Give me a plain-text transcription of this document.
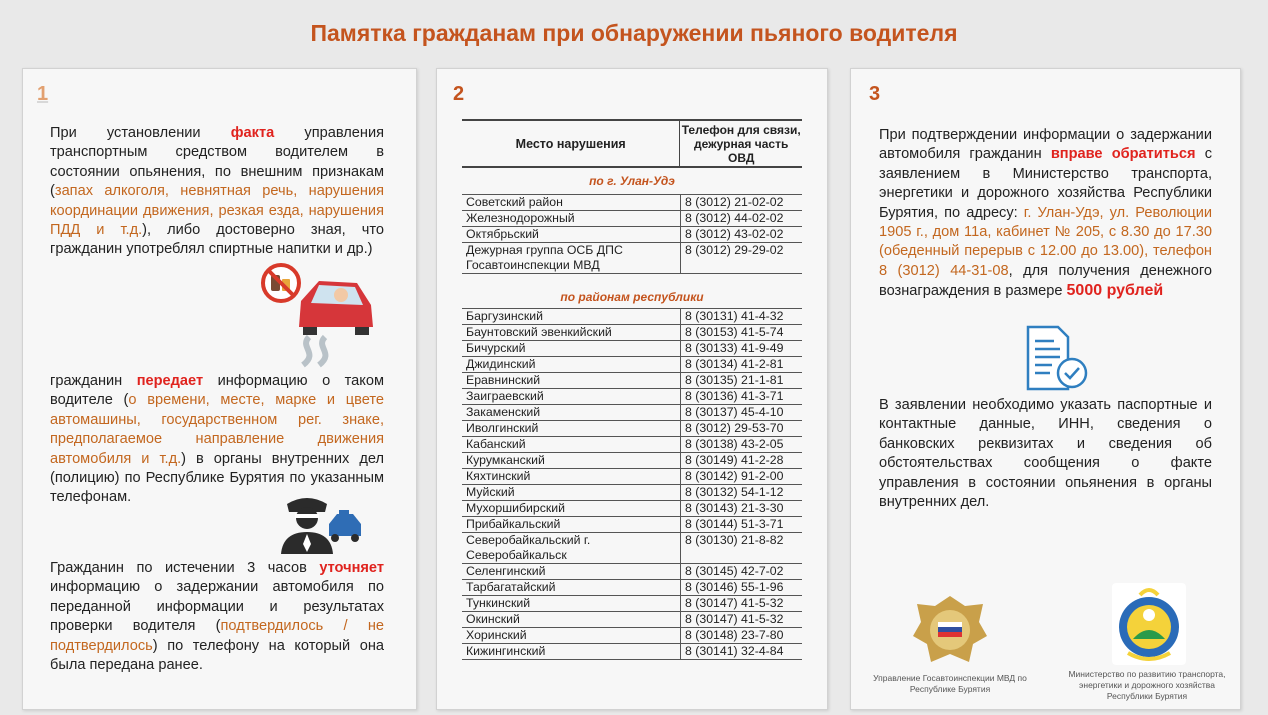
Памятка гражданам при обнаружении пьяного водителя
1

При установлении факта управления транспортным средством водителем в состоянии опьянения, по внешним признакам (запах алкоголя, невнятная речь, нарушения координации движения, резкая езда, нарушения ПДД и т.д.), либо достоверно зная, что гражданин употреблял спиртные напитки и др.)

гражданин передает информацию о таком водителе (о времени, месте, марке и цвете автомашины, государственном рег. знаке, предполагаемое направление движения автомобиля и т.д.) в органы внутренних дел (полицию) по Республике Бурятия по указанным телефонам.

Гражданин по истечении 3 часов уточняет информацию о задержании автомобиля по переданной информации и результатах проверки водителя (подтвердилось / не подтвердилось) по телефону на который она была передана ранее.

2
Место нарушения
Телефон для связи, дежурная часть ОВД
по г. Улан-Удэ
Советский район	8 (3012) 21-02-02
Железнодорожный	8 (3012) 44-02-02
Октябрьский	8 (3012) 43-02-02
Дежурная группа ОСБ ДПС Госавтоинспекции МВД
8 (3012) 29-29-02
по районам республики
Баргузинский	8 (30131) 41-4-32
Баунтовский эвенкийский	8 (30153) 41-5-74
Бичурский	8 (30133) 41-9-49
Джидинский	8 (30134) 41-2-81
Еравнинский	8 (30135) 21-1-81
Заиграевский	8 (30136) 41-3-71
Закаменский	8 (30137) 45-4-10
Иволгинский	8 (3012) 29-53-70
Кабанский	8 (30138) 43-2-05
Курумканский	8 (30149) 41-2-28
Кяхтинский	8 (30142) 91-2-00
Муйский	8 (30132) 54-1-12
Мухоршибирский	8 (30143) 21-3-30
Прибайкальский	8 (30144) 51-3-71
Северобайкальский г. Северобайкальск
8 (30130) 21-8-82
Селенгинский	8 (30145) 42-7-02
Тарбагатайский	8 (30146) 55-1-96
Тункинский	8 (30147) 41-5-32
Окинский	8 (30147) 41-5-32
Хоринский	8 (30148) 23-7-80
Кижингинский	8 (30141) 32-4-84
3

При подтверждении информации о задержании автомобиля гражданин вправе обратиться с заявлением в Министерство транспорта, энергетики и дорожного хозяйства Республики Бурятия, по адресу: г. Улан-Удэ, ул. Революции 1905 г., дом 11а, кабинет № 205, с 8.30 до 17.30 (обеденный перерыв с 12.00 до 13.00), телефон 8 (3012) 44-31-08, для получения денежного вознаграждения в размере 5000 рублей

В заявлении необходимо указать паспортные и контактные данные, ИНН, сведения о банковских реквизитах и сведения об обстоятельствах сообщения о факте управления в состоянии опьянения в органы внутренних дел.

Управление Госавтоинспекции МВД по Республике Бурятия
Министерство по развитию транспорта, энергетики и дорожного хозяйства Республики Бурятия
